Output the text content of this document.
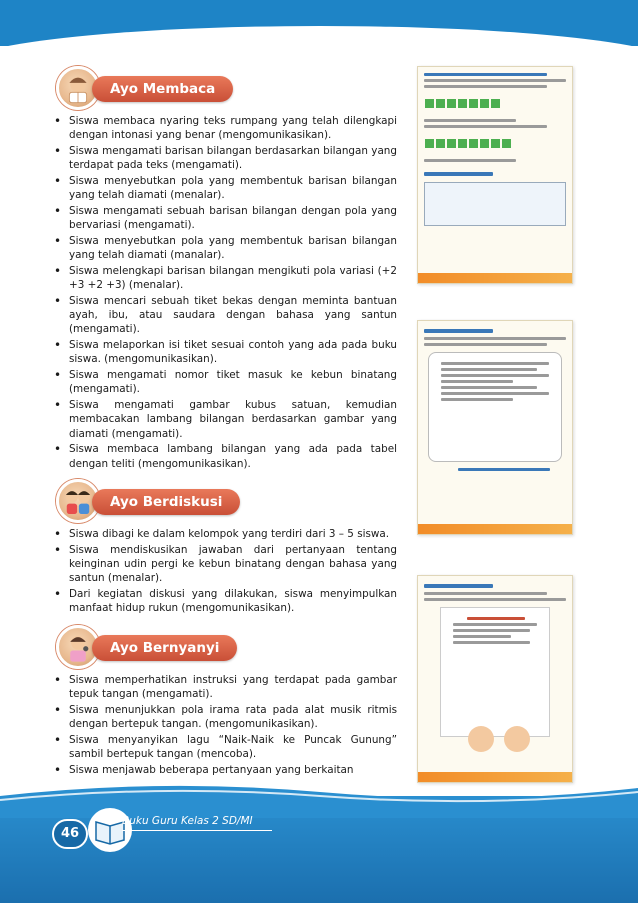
Ayo Membaca
• Siswa membaca nyaring teks rumpang yang telah dilengkapi dengan intonasi yang benar (mengomunikasikan).
• Siswa mengamati barisan bilangan berdasarkan bilangan yang terdapat pada teks (mengamati).
• Siswa menyebutkan pola yang membentuk barisan bilangan yang telah diamati (menalar).
• Siswa mengamati sebuah barisan bilangan dengan pola yang bervariasi (mengamati).
• Siswa menyebutkan pola yang membentuk barisan bilangan yang telah diamati (manalar).
• Siswa melengkapi barisan bilangan mengikuti pola variasi (+2 +3 +2 +3) (menalar).
• Siswa mencari sebuah tiket bekas dengan meminta bantuan ayah, ibu, atau saudara dengan bahasa yang santun (mengamati).
• Siswa melaporkan isi tiket sesuai contoh yang ada pada buku siswa. (mengomunikasikan).
• Siswa mengamati nomor tiket masuk ke kebun binatang (mengamati).
• Siswa mengamati gambar kubus satuan, kemudian membacakan lambang bilangan berdasarkan gambar yang diamati (mengamati).
• Siswa membaca lambang bilangan yang ada pada tabel dengan teliti (mengomunikasikan).
Ayo Berdiskusi
• Siswa dibagi ke dalam kelompok yang terdiri dari 3 – 5 siswa.
• Siswa mendiskusikan jawaban dari pertanyaan tentang keinginan udin pergi ke kebun binatang dengan bahasa yang santun (menalar).
• Dari kegiatan diskusi yang dilakukan, siswa menyimpulkan manfaat hidup rukun (mengomunikasikan).
Ayo Bernyanyi
• Siswa memperhatikan instruksi yang terdapat pada gambar tepuk tangan (mengamati).
• Siswa menunjukkan pola irama rata pada alat musik ritmis dengan bertepuk tangan. (mengomunikasikan).
• Siswa menyanyikan lagu “Naik-Naik ke Puncak Gunung” sambil bertepuk tangan (mencoba).
• Siswa menjawab beberapa pertanyaan yang berkaitan
46
Buku Guru Kelas 2 SD/MI
